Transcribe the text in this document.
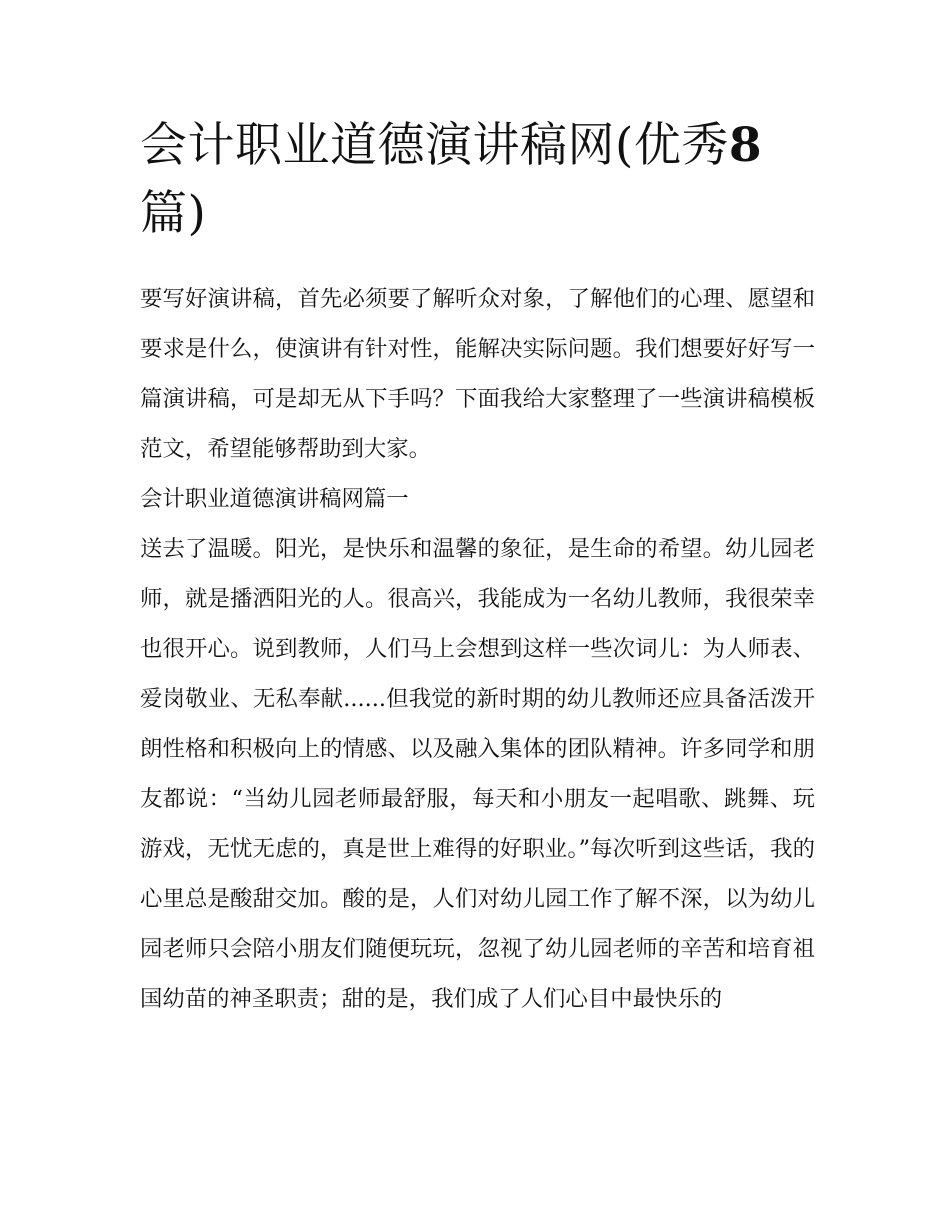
会计职业道德演讲稿网(优秀8
篇)

要写好演讲稿，首先必须要了解听众对象，了解他们的心理、愿望和要求是什么，使演讲有针对性，能解决实际问题。我们想要好好写一篇演讲稿，可是却无从下手吗？下面我给大家整理了一些演讲稿模板范文，希望能够帮助到大家。

会计职业道德演讲稿网篇一

送去了温暖。阳光，是快乐和温馨的象征，是生命的希望。幼儿园老师，就是播洒阳光的人。很高兴，我能成为一名幼儿教师，我很荣幸也很开心。说到教师，人们马上会想到这样一些次词儿：为人师表、爱岗敬业、无私奉献......但我觉的新时期的幼儿教师还应具备活泼开朗性格和积极向上的情感、以及融入集体的团队精神。许多同学和朋友都说：“当幼儿园老师最舒服，每天和小朋友一起唱歌、跳舞、玩游戏，无忧无虑的，真是世上难得的好职业。”每次听到这些话，我的心里总是酸甜交加。酸的是，人们对幼儿园工作了解不深，以为幼儿园老师只会陪小朋友们随便玩玩，忽视了幼儿园老师的辛苦和培育祖国幼苗的神圣职责；甜的是，我们成了人们心目中最快乐的
